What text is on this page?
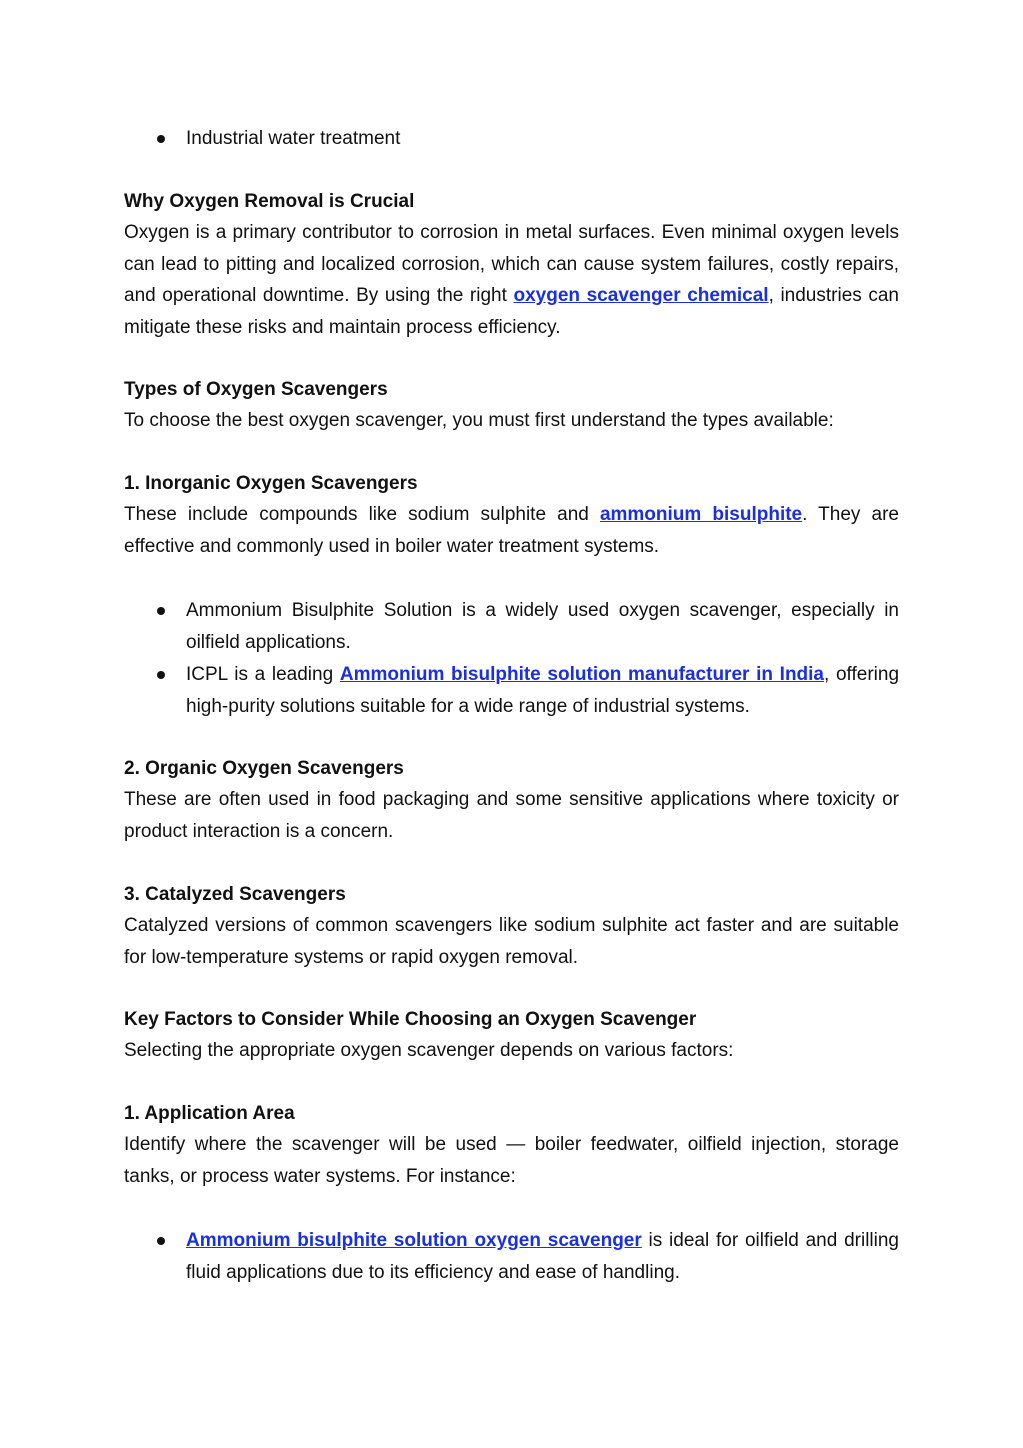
Industrial water treatment
Why Oxygen Removal is Crucial
Oxygen is a primary contributor to corrosion in metal surfaces. Even minimal oxygen levels can lead to pitting and localized corrosion, which can cause system failures, costly repairs, and operational downtime. By using the right oxygen scavenger chemical, industries can mitigate these risks and maintain process efficiency.
Types of Oxygen Scavengers
To choose the best oxygen scavenger, you must first understand the types available:
1. Inorganic Oxygen Scavengers
These include compounds like sodium sulphite and ammonium bisulphite. They are effective and commonly used in boiler water treatment systems.
Ammonium Bisulphite Solution is a widely used oxygen scavenger, especially in oilfield applications.
ICPL is a leading Ammonium bisulphite solution manufacturer in India, offering high-purity solutions suitable for a wide range of industrial systems.
2. Organic Oxygen Scavengers
These are often used in food packaging and some sensitive applications where toxicity or product interaction is a concern.
3. Catalyzed Scavengers
Catalyzed versions of common scavengers like sodium sulphite act faster and are suitable for low-temperature systems or rapid oxygen removal.
Key Factors to Consider While Choosing an Oxygen Scavenger
Selecting the appropriate oxygen scavenger depends on various factors:
1. Application Area
Identify where the scavenger will be used — boiler feedwater, oilfield injection, storage tanks, or process water systems. For instance:
Ammonium bisulphite solution oxygen scavenger is ideal for oilfield and drilling fluid applications due to its efficiency and ease of handling.
